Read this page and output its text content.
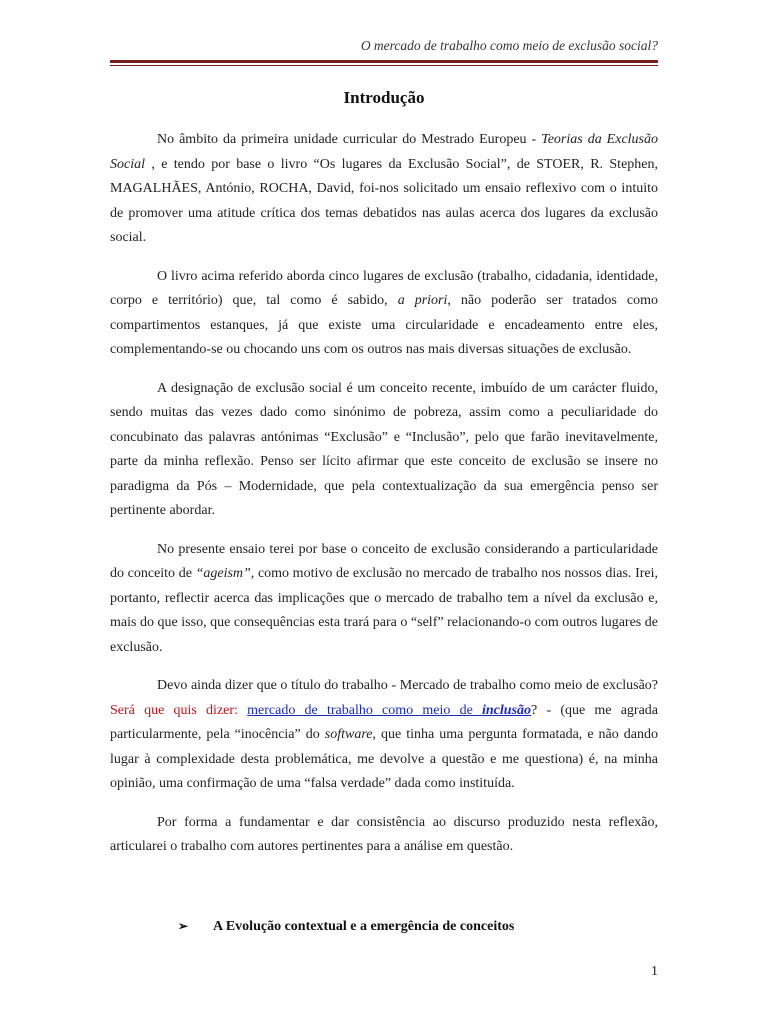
O mercado de trabalho como meio de exclusão social?
Introdução

No âmbito da primeira unidade curricular do Mestrado Europeu - Teorias da Exclusão Social , e tendo por base o livro “Os lugares da Exclusão Social”, de STOER, R. Stephen, MAGALHÃES, António, ROCHA, David, foi-nos solicitado um ensaio reflexivo com o intuito de promover uma atitude crítica dos temas debatidos nas aulas acerca dos lugares da exclusão social.

O livro acima referido aborda cinco lugares de exclusão (trabalho, cidadania, identidade, corpo e território) que, tal como é sabido, a priori, não poderão ser tratados como compartimentos estanques, já que existe uma circularidade e encadeamento entre eles, complementando-se ou chocando uns com os outros nas mais diversas situações de exclusão.

A designação de exclusão social é um conceito recente, imbuído de um carácter fluido, sendo muitas das vezes dado como sinónimo de pobreza, assim como a peculiaridade do concubinato das palavras antónimas “Exclusão” e “Inclusão”, pelo que farão inevitavelmente, parte da minha reflexão. Penso ser lícito afirmar que este conceito de exclusão se insere no paradigma da Pós – Modernidade, que pela contextualização da sua emergência penso ser pertinente abordar.

No presente ensaio terei por base o conceito de exclusão considerando a particularidade do conceito de “ageism”, como motivo de exclusão no mercado de trabalho nos nossos dias. Irei, portanto, reflectir acerca das implicações que o mercado de trabalho tem a nível da exclusão e, mais do que isso, que consequências esta trará para o “self” relacionando-o com outros lugares de exclusão.

Devo ainda dizer que o título do trabalho - Mercado de trabalho como meio de exclusão? Será que quis dizer: mercado de trabalho como meio de inclusão? - (que me agrada particularmente, pela “inocência” do software, que tinha uma pergunta formatada, e não dando lugar à complexidade desta problemática, me devolve a questão e me questiona) é, na minha opinião, uma confirmação de uma “falsa verdade” dada como instituída.

Por forma a fundamentar e dar consistência ao discurso produzido nesta reflexão, articularei o trabalho com autores pertinentes para a análise em questão.

➢ A Evolução contextual e a emergência de conceitos
1
